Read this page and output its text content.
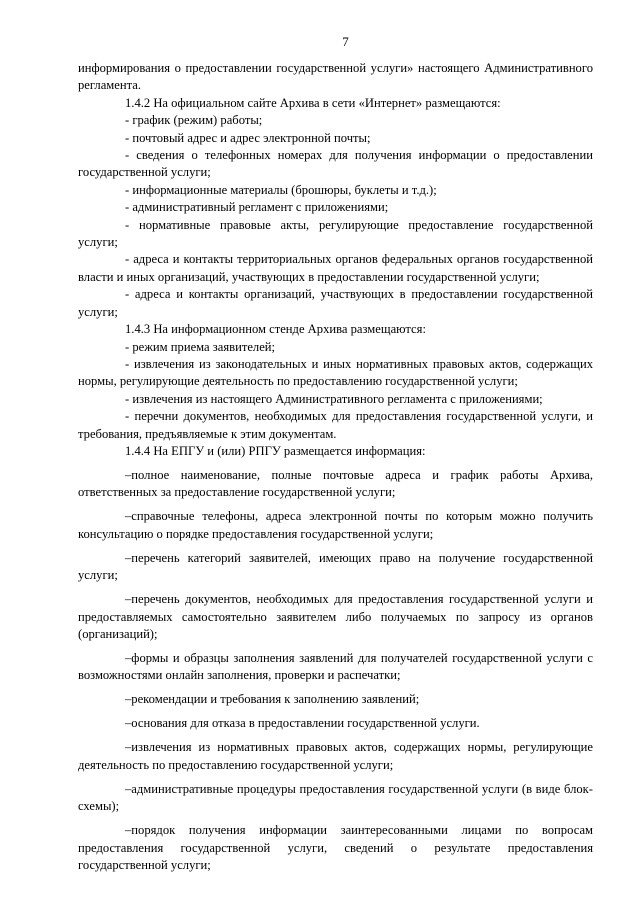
7

информирования о предоставлении государственной услуги» настоящего Административного регламента.

1.4.2 На официальном сайте Архива в сети «Интернет» размещаются:

- график (режим) работы;

- почтовый адрес и адрес электронной почты;

- сведения о телефонных номерах для получения информации о предоставлении государственной услуги;

- информационные материалы (брошюры, буклеты и т.д.);

- административный регламент с приложениями;

- нормативные правовые акты, регулирующие предоставление государственной услуги;

- адреса и контакты территориальных органов федеральных органов государственной власти и иных организаций, участвующих в предоставлении государственной услуги;

- адреса и контакты организаций, участвующих в предоставлении государственной услуги;

1.4.3 На информационном стенде Архива размещаются:

- режим приема заявителей;

- извлечения из законодательных и иных нормативных правовых актов, содержащих нормы, регулирующие деятельность по предоставлению государственной услуги;

- извлечения из настоящего Административного регламента с приложениями;

- перечни документов, необходимых для предоставления государственной услуги, и требования, предъявляемые к этим документам.

1.4.4 На ЕПГУ и (или) РПГУ размещается информация:

–полное наименование, полные почтовые адреса и график работы Архива, ответственных за предоставление государственной услуги;

–справочные телефоны, адреса электронной почты по которым можно получить консультацию о порядке предоставления государственной услуги;

–перечень категорий заявителей, имеющих право на получение государственной услуги;

–перечень документов, необходимых для предоставления государственной услуги и предоставляемых самостоятельно заявителем либо получаемых по запросу из органов (организаций);

–формы и образцы заполнения заявлений для получателей государственной услуги с возможностями онлайн заполнения, проверки и распечатки;

–рекомендации и требования к заполнению заявлений;

–основания для отказа в предоставлении государственной услуги.

–извлечения из нормативных правовых актов, содержащих нормы, регулирующие деятельность по предоставлению государственной услуги;

–административные процедуры предоставления государственной услуги (в виде блок-схемы);

–порядок получения информации заинтересованными лицами по вопросам предоставления государственной услуги, сведений о результате предоставления государственной услуги;
